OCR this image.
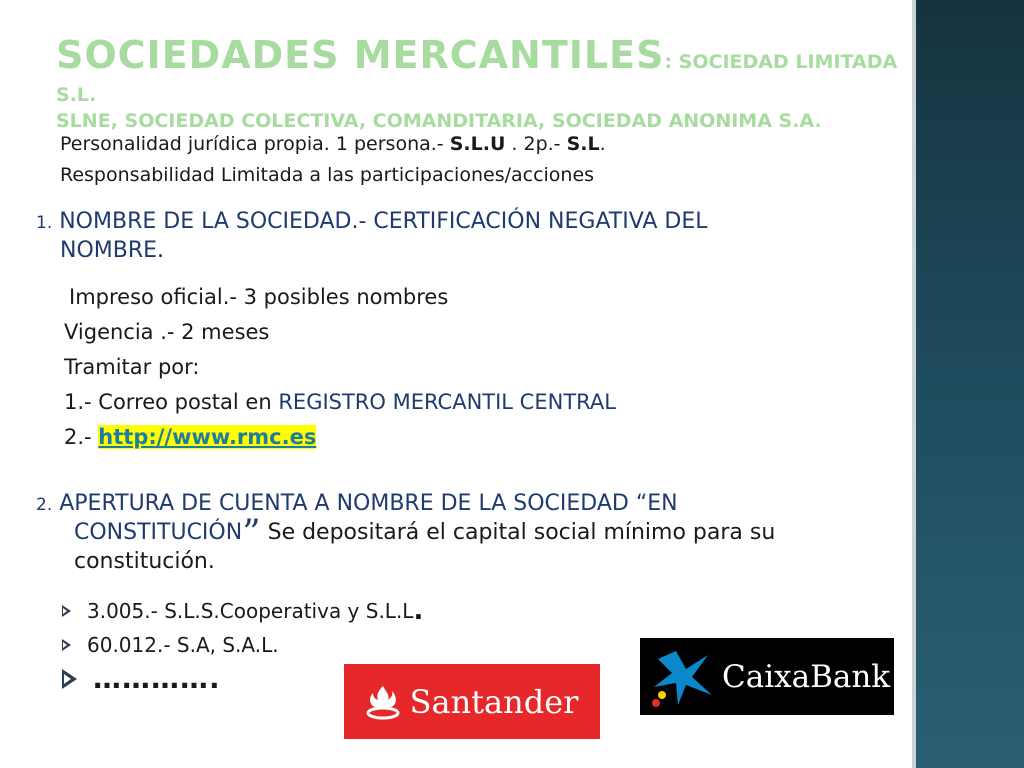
SOCIEDADES MERCANTILES: SOCIEDAD LIMITADA S.L.
SLNE, SOCIEDAD COLECTIVA, COMANDITARIA, SOCIEDAD ANONIMA S.A.
Personalidad jurídica propia. 1 persona.- S.L.U . 2p.- S.L.
Responsabilidad Limitada a las participaciones/acciones
1. NOMBRE DE LA SOCIEDAD.- CERTIFICACIÓN NEGATIVA DEL
NOMBRE.
Impreso oficial.- 3 posibles nombres
Vigencia .- 2 meses
Tramitar por:
1.- Correo postal en REGISTRO MERCANTIL CENTRAL
2.- http://www.rmc.es
2. APERTURA DE CUENTA A NOMBRE DE LA SOCIEDAD “EN
CONSTITUCIÓN” Se depositará el capital social mínimo para su
constitución.
3.005.- S.L.S.Cooperativa y S.L.L .
60.012.- S.A, S.A.L.
………….
Santander
CaixaBank
